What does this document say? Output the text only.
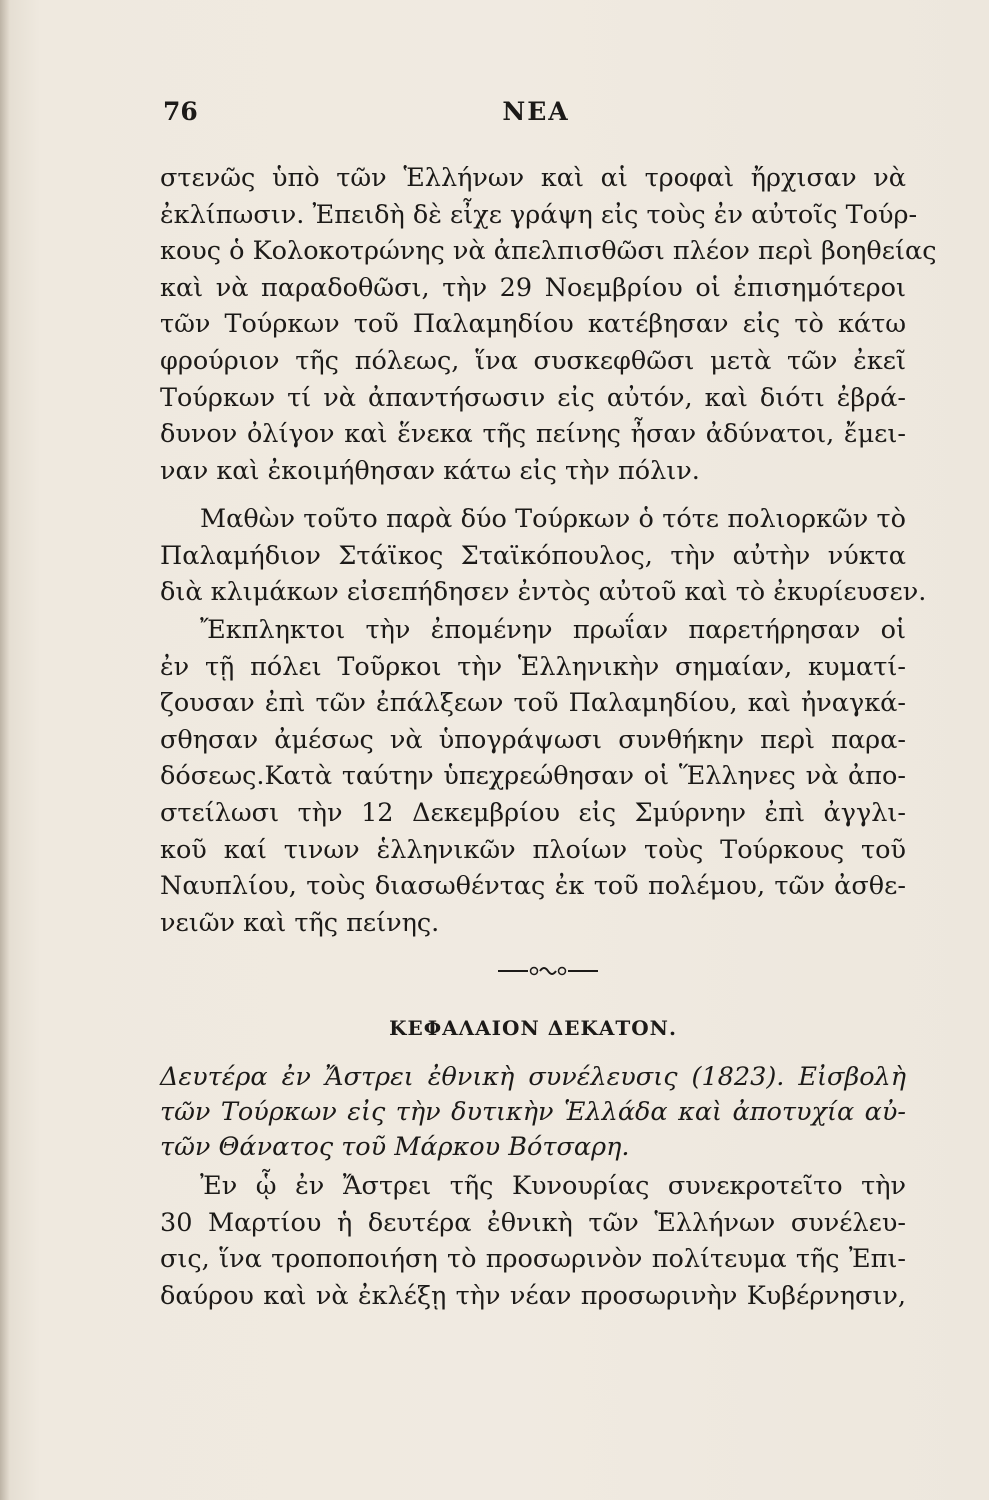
76	ΝΕΑ
στενῶς ὑπὸ τῶν Ἑλλήνων καὶ αἱ τροφαὶ ἤρχισαν νὰ
ἐκλίπωσιν. Ἐπειδὴ δὲ εἶχε γράψη εἰς τοὺς ἐν αὐτοῖς Τούρ-
κους ὁ Κολοκοτρώνης νὰ ἀπελπισθῶσι πλέον περὶ βοηθείας
καὶ νὰ παραδοθῶσι, τὴν 29 Νοεμβρίου οἱ ἐπισημότεροι
τῶν Τούρκων τοῦ Παλαμηδίου κατέβησαν εἰς τὸ κάτω
φρούριον τῆς πόλεως, ἵνα συσκεφθῶσι μετὰ τῶν ἐκεῖ
Τούρκων τί νὰ ἀπαντήσωσιν εἰς αὐτόν, καὶ διότι ἐβρά-
δυνον ὀλίγον καὶ ἕνεκα τῆς πείνης ἦσαν ἀδύνατοι, ἔμει-
ναν καὶ ἐκοιμήθησαν κάτω εἰς τὴν πόλιν.
Μαθὼν τοῦτο παρὰ δύο Τούρκων ὁ τότε πολιορκῶν τὸ
Παλαμήδιον Στάϊκος Σταϊκόπουλος, τὴν αὐτὴν νύκτα
διὰ κλιμάκων εἰσεπήδησεν ἐντὸς αὐτοῦ καὶ τὸ ἐκυρίευσεν.
Ἔκπληκτοι τὴν ἐπομένην πρωΐαν παρετήρησαν οἱ
ἐν τῇ πόλει Τοῦρκοι τὴν Ἑλληνικὴν σημαίαν, κυματί-
ζουσαν ἐπὶ τῶν ἐπάλξεων τοῦ Παλαμηδίου, καὶ ἠναγκά-
σθησαν ἀμέσως νὰ ὑπογράψωσι συνθήκην περὶ παρα-
δόσεως.Κατὰ ταύτην ὑπεχρεώθησαν οἱ Ἕλληνες νὰ ἀπο-
στείλωσι τὴν 12 Δεκεμβρίου εἰς Σμύρνην ἐπὶ ἀγγλι-
κοῦ καί τινων ἑλληνικῶν πλοίων τοὺς Τούρκους τοῦ
Ναυπλίου, τοὺς διασωθέντας ἐκ τοῦ πολέμου, τῶν ἀσθε-
νειῶν καὶ τῆς πείνης.
ΚΕΦΑΛΑΙΟΝ ΔΕΚΑΤΟΝ.
Δευτέρα ἐν Ἄστρει ἐθνικὴ συνέλευσις (1823). Εἰσβολὴ
τῶν Τούρκων εἰς τὴν δυτικὴν Ἑλλάδα καὶ ἀποτυχία αὐ-
τῶν Θάνατος τοῦ Μάρκου Βότσαρη.
Ἐν ᾧ ἐν Ἄστρει τῆς Κυνουρίας συνεκροτεῖτο τὴν
30 Μαρτίου ἡ δευτέρα ἐθνικὴ τῶν Ἑλλήνων συνέλευ-
σις, ἵνα τροποποιήση τὸ προσωρινὸν πολίτευμα τῆς Ἐπι-
δαύρου καὶ νὰ ἐκλέξῃ τὴν νέαν προσωρινὴν Κυβέρνησιν,
